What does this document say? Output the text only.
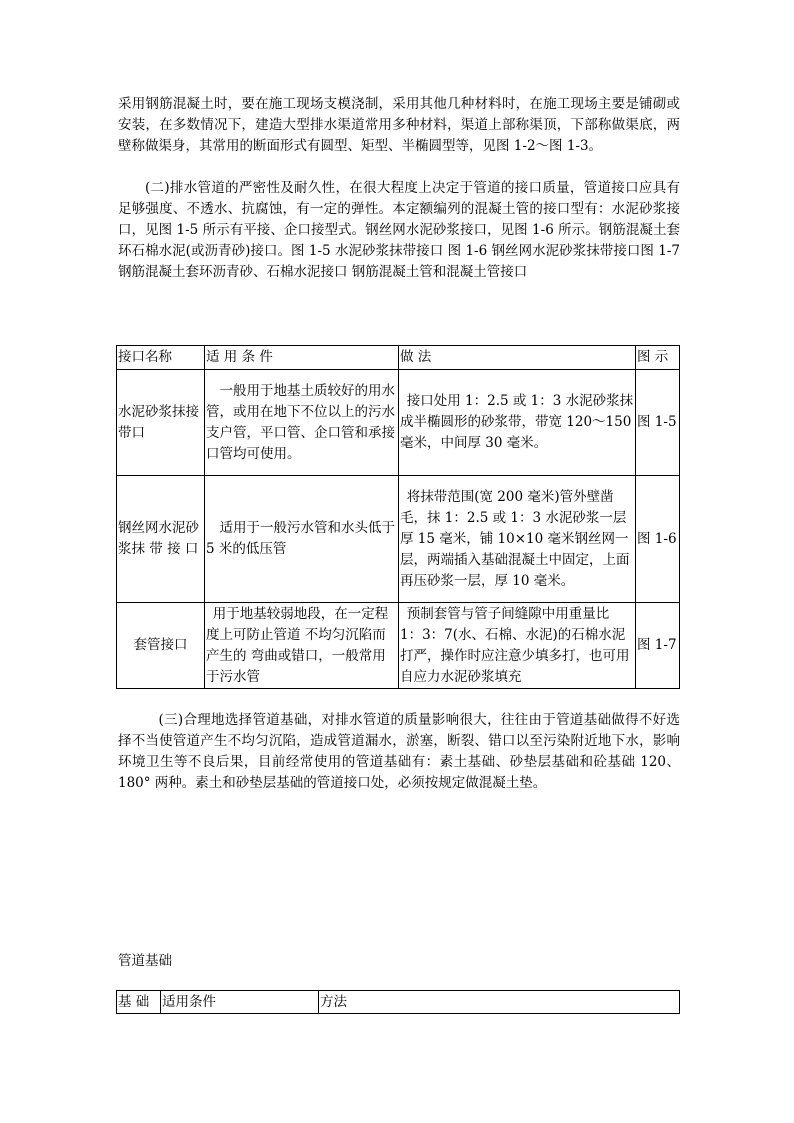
采用钢筋混凝土时，要在施工现场支模浇制，采用其他几种材料时，在施工现场主要是铺砌或安装，在多数情况下，建造大型排水渠道常用多种材料，渠道上部称渠顶，下部称做渠底，两壁称做渠身，其常用的断面形式有圆型、矩型、半椭圆型等，见图 1-2～图 1-3。

(二)排水管道的严密性及耐久性，在很大程度上决定于管道的接口质量，管道接口应具有足够强度、不透水、抗腐蚀，有一定的弹性。本定额编列的混凝土管的接口型有：水泥砂浆接口，见图 1-5 所示有平接、企口接型式。钢丝网水泥砂浆接口，见图 1-6 所示。钢筋混凝土套环石棉水泥(或沥青砂)接口。图 1-5 水泥砂浆抹带接口 图 1-6 钢丝网水泥砂浆抹带接口图 1-7 钢筋混凝土套环沥青砂、石棉水泥接口 钢筋混凝土管和混凝土管接口

接口名称	适 用 条 件	做 法	图 示
水泥砂浆抹接带口	一般用于地基土质较好的用水管，或用在地下不位以上的污水支户管，平口管、企口管和承接口管均可使用。	接口处用 1：2.5 或 1：3 水泥砂浆抹成半椭圆形的砂浆带，带宽 120～150 毫米，中间厚 30 毫米。	图 1-5
钢丝网水泥砂浆抹 带 接 口	适用于一般污水管和水头低于 5 米的低压管	将抹带范围(宽 200 毫米)管外壁凿毛，抹 1：2.5 或 1：3 水泥砂浆一层厚 15 毫米，铺 10×10 毫米钢丝网一层，两端插入基础混凝土中固定，上面再压砂浆一层，厚 10 毫米。	图 1-6
套管接口	用于地基较弱地段，在一定程度上可防止管道 不均匀沉陷而产生的 弯曲或错口，一般常用于污水管	预制套管与管子间缝隙中用重量比 1：3：7(水、石棉、水泥)的石棉水泥打严，操作时应注意少填多打，也可用自应力水泥砂浆填充	图 1-7

(三)合理地选择管道基础，对排水管道的质量影响很大，往往由于管道基础做得不好选择不当使管道产生不均匀沉陷，造成管道漏水，淤塞，断裂、错口以至污染附近地下水，影响环境卫生等不良后果，目前经常使用的管道基础有：素土基础、砂垫层基础和砼基础 120、180° 两种。素土和砂垫层基础的管道接口处，必须按规定做混凝土垫。

管道基础
基 础	适用条件	方法
